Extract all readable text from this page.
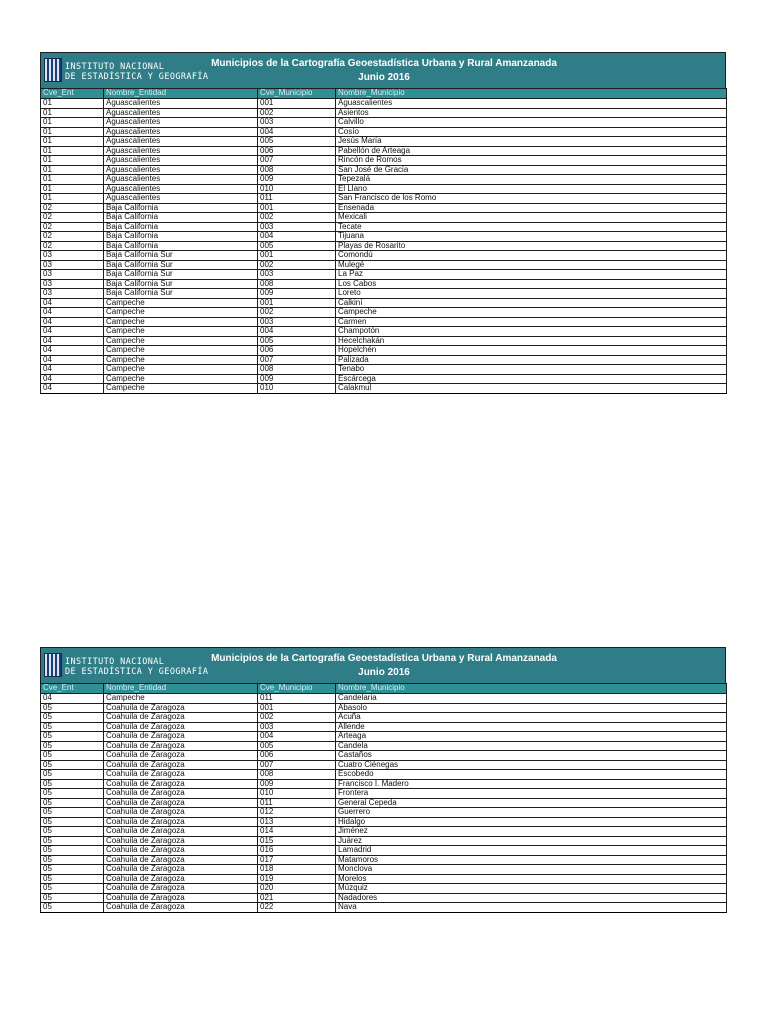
INSTITUTO NACIONAL
DE ESTADÍSTICA Y GEOGRAFÍA
Municipios de la Cartografía Geoestadística Urbana y Rural Amanzanada
Junio 2016
Cve_Ent	Nombre_Entidad	Cve_Municipio	Nombre_Municipio
01	Aguascalientes	001	Aguascalientes
01	Aguascalientes	002	Asientos
01	Aguascalientes	003	Calvillo
01	Aguascalientes	004	Cosío
01	Aguascalientes	005	Jesús María
01	Aguascalientes	006	Pabellón de Arteaga
01	Aguascalientes	007	Rincón de Romos
01	Aguascalientes	008	San José de Gracia
01	Aguascalientes	009	Tepezalá
01	Aguascalientes	010	El Llano
01	Aguascalientes	011	San Francisco de los Romo
02	Baja California	001	Ensenada
02	Baja California	002	Mexicali
02	Baja California	003	Tecate
02	Baja California	004	Tijuana
02	Baja California	005	Playas de Rosarito
03	Baja California Sur	001	Comondú
03	Baja California Sur	002	Mulegé
03	Baja California Sur	003	La Paz
03	Baja California Sur	008	Los Cabos
03	Baja California Sur	009	Loreto
04	Campeche	001	Calkiní
04	Campeche	002	Campeche
04	Campeche	003	Carmen
04	Campeche	004	Champotón
04	Campeche	005	Hecelchakán
04	Campeche	006	Hopelchén
04	Campeche	007	Palizada
04	Campeche	008	Tenabo
04	Campeche	009	Escárcega
04	Campeche	010	Calakmul
INSTITUTO NACIONAL
DE ESTADÍSTICA Y GEOGRAFÍA
Municipios de la Cartografía Geoestadística Urbana y Rural Amanzanada
Junio 2016
Cve_Ent	Nombre_Entidad	Cve_Municipio	Nombre_Municipio
04	Campeche	011	Candelaria
05	Coahuila de Zaragoza	001	Abasolo
05	Coahuila de Zaragoza	002	Acuña
05	Coahuila de Zaragoza	003	Allende
05	Coahuila de Zaragoza	004	Arteaga
05	Coahuila de Zaragoza	005	Candela
05	Coahuila de Zaragoza	006	Castaños
05	Coahuila de Zaragoza	007	Cuatro Ciénegas
05	Coahuila de Zaragoza	008	Escobedo
05	Coahuila de Zaragoza	009	Francisco I. Madero
05	Coahuila de Zaragoza	010	Frontera
05	Coahuila de Zaragoza	011	General Cepeda
05	Coahuila de Zaragoza	012	Guerrero
05	Coahuila de Zaragoza	013	Hidalgo
05	Coahuila de Zaragoza	014	Jiménez
05	Coahuila de Zaragoza	015	Juárez
05	Coahuila de Zaragoza	016	Lamadrid
05	Coahuila de Zaragoza	017	Matamoros
05	Coahuila de Zaragoza	018	Monclova
05	Coahuila de Zaragoza	019	Morelos
05	Coahuila de Zaragoza	020	Múzquiz
05	Coahuila de Zaragoza	021	Nadadores
05	Coahuila de Zaragoza	022	Nava
